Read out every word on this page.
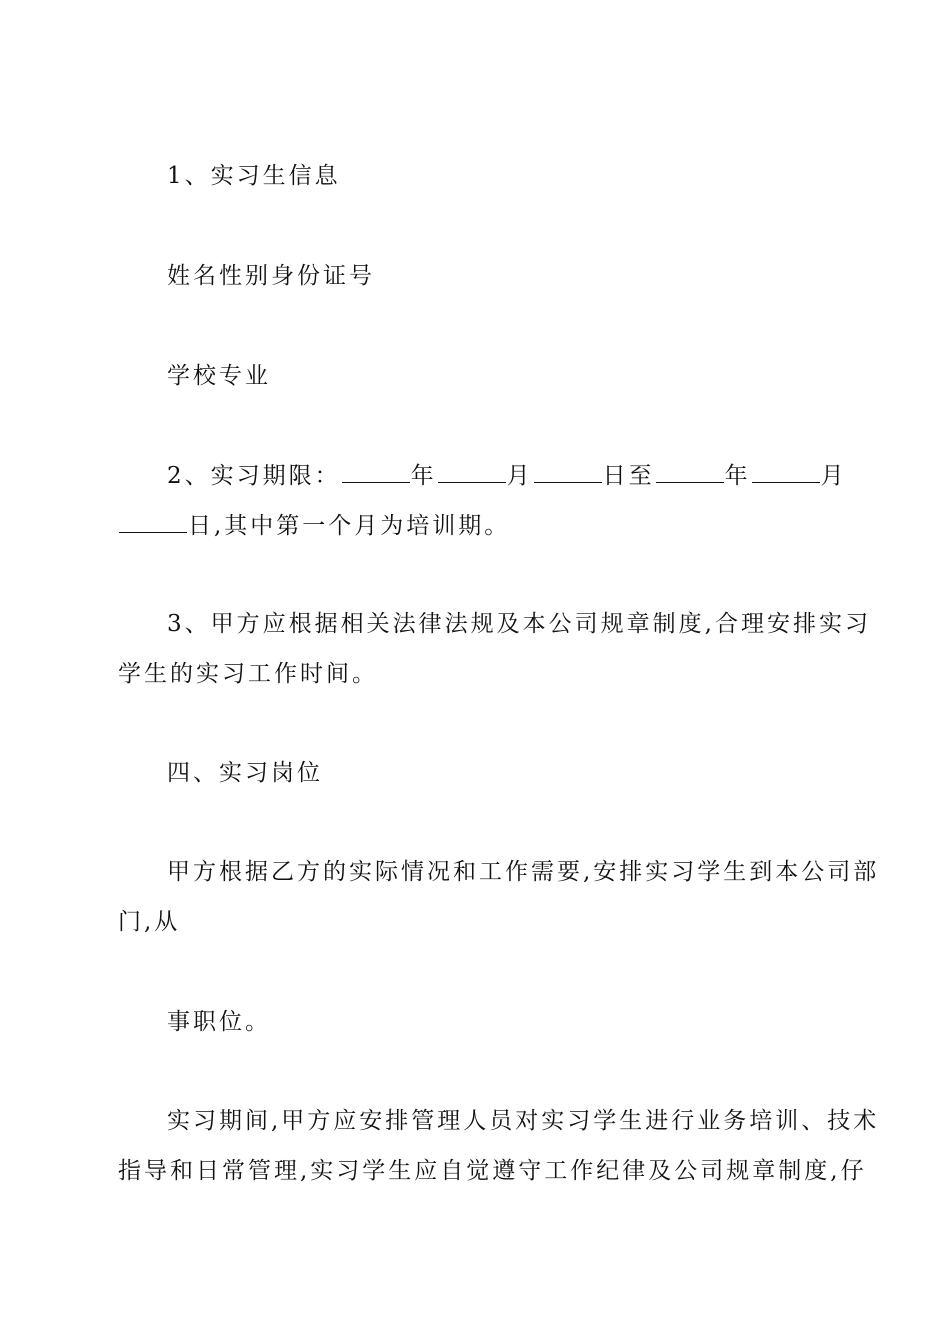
1、实习生信息
姓名性别身份证号
学校专业
2、实习期限：	年	月	日至	年	月
日,其中第一个月为培训期。
3、甲方应根据相关法律法规及本公司规章制度,合理安排实习
学生的实习工作时间。
四、实习岗位
甲方根据乙方的实际情况和工作需要,安排实习学生到本公司部
门,从
事职位。
实习期间,甲方应安排管理人员对实习学生进行业务培训、技术
指导和日常管理,实习学生应自觉遵守工作纪律及公司规章制度,仔
